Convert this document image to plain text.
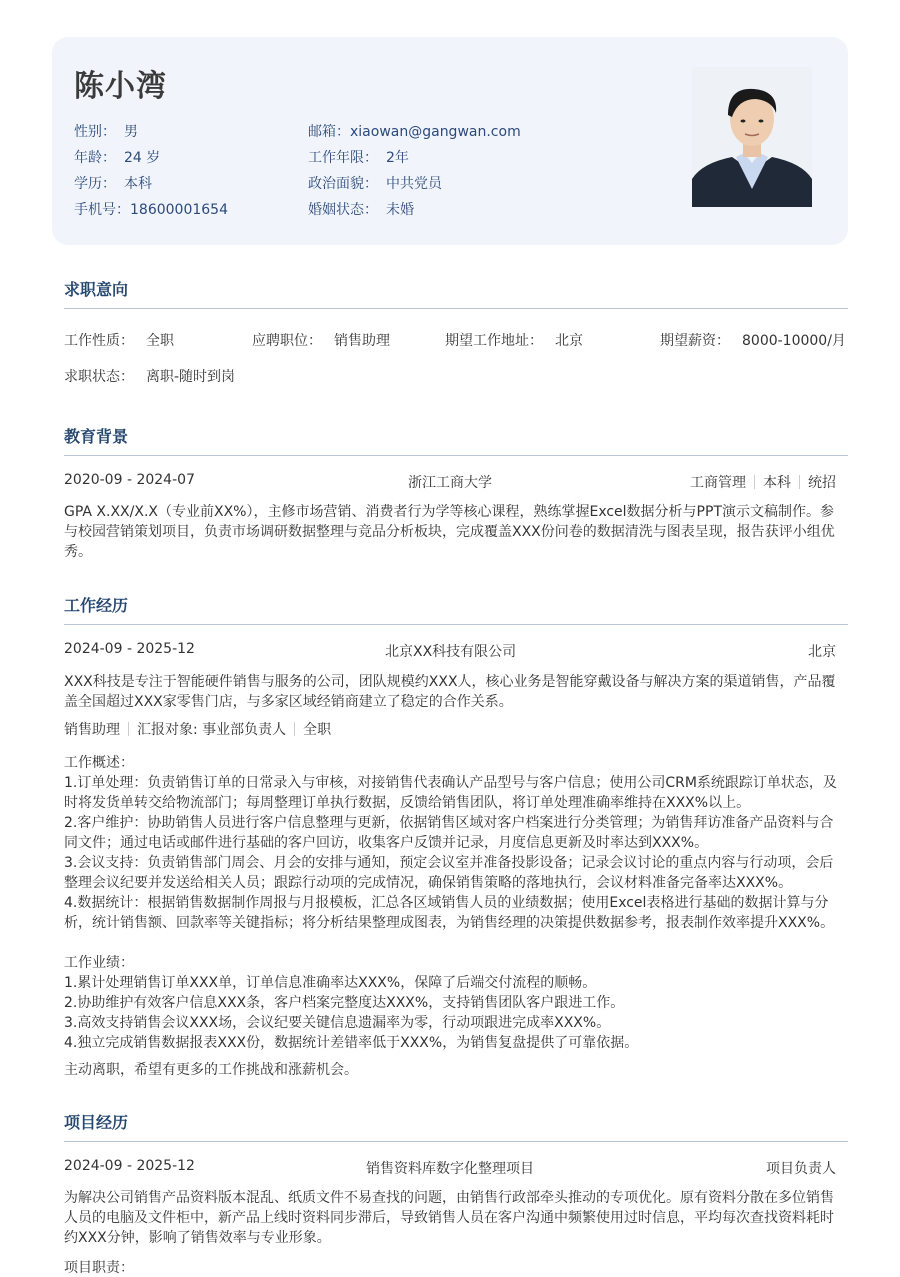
陈小湾
性别： 男
年龄： 24 岁
学历： 本科
手机号：18600001654
邮箱：xiaowan@gangwan.com
工作年限： 2年
政治面貌： 中共党员
婚姻状态： 未婚
求职意向
工作性质： 全职	应聘职位： 销售助理	期望工作地址： 北京	期望薪资： 8000-10000/月
求职状态： 离职-随时到岗
教育背景
2020-09 - 2024-07	浙江工商大学	工商管理 本科 统招
GPA X.XX/X.X（专业前XX%），主修市场营销、消费者行为学等核心课程，熟练掌握Excel数据分析与PPT演示文稿制作。参
与校园营销策划项目，负责市场调研数据整理与竞品分析板块，完成覆盖XXX份问卷的数据清洗与图表呈现，报告获评小组优
秀。
工作经历
2024-09 - 2025-12	北京XX科技有限公司	北京
XXX科技是专注于智能硬件销售与服务的公司，团队规模约XXX人，核心业务是智能穿戴设备与解决方案的渠道销售，产品覆
盖全国超过XXX家零售门店，与多家区域经销商建立了稳定的合作关系。
销售助理 汇报对象: 事业部负责人 全职
工作概述：
1.订单处理：负责销售订单的日常录入与审核，对接销售代表确认产品型号与客户信息；使用公司CRM系统跟踪订单状态，及
时将发货单转交给物流部门；每周整理订单执行数据，反馈给销售团队，将订单处理准确率维持在XXX%以上。
2.客户维护：协助销售人员进行客户信息整理与更新，依据销售区域对客户档案进行分类管理；为销售拜访准备产品资料与合
同文件；通过电话或邮件进行基础的客户回访，收集客户反馈并记录，月度信息更新及时率达到XXX%。
3.会议支持：负责销售部门周会、月会的安排与通知，预定会议室并准备投影设备；记录会议讨论的重点内容与行动项，会后
整理会议纪要并发送给相关人员；跟踪行动项的完成情况，确保销售策略的落地执行，会议材料准备完备率达XXX%。
4.数据统计：根据销售数据制作周报与月报模板，汇总各区域销售人员的业绩数据；使用Excel表格进行基础的数据计算与分
析，统计销售额、回款率等关键指标；将分析结果整理成图表，为销售经理的决策提供数据参考，报表制作效率提升XXX%。
工作业绩：
1.累计处理销售订单XXX单，订单信息准确率达XXX%，保障了后端交付流程的顺畅。
2.协助维护有效客户信息XXX条，客户档案完整度达XXX%，支持销售团队客户跟进工作。
3.高效支持销售会议XXX场，会议纪要关键信息遗漏率为零，行动项跟进完成率XXX%。
4.独立完成销售数据报表XXX份，数据统计差错率低于XXX%，为销售复盘提供了可靠依据。
主动离职，希望有更多的工作挑战和涨薪机会。
项目经历
2024-09 - 2025-12	销售资料库数字化整理项目	项目负责人
为解决公司销售产品资料版本混乱、纸质文件不易查找的问题，由销售行政部牵头推动的专项优化。原有资料分散在多位销售
人员的电脑及文件柜中，新产品上线时资料同步滞后，导致销售人员在客户沟通中频繁使用过时信息，平均每次查找资料耗时
约XXX分钟，影响了销售效率与专业形象。
项目职责：
